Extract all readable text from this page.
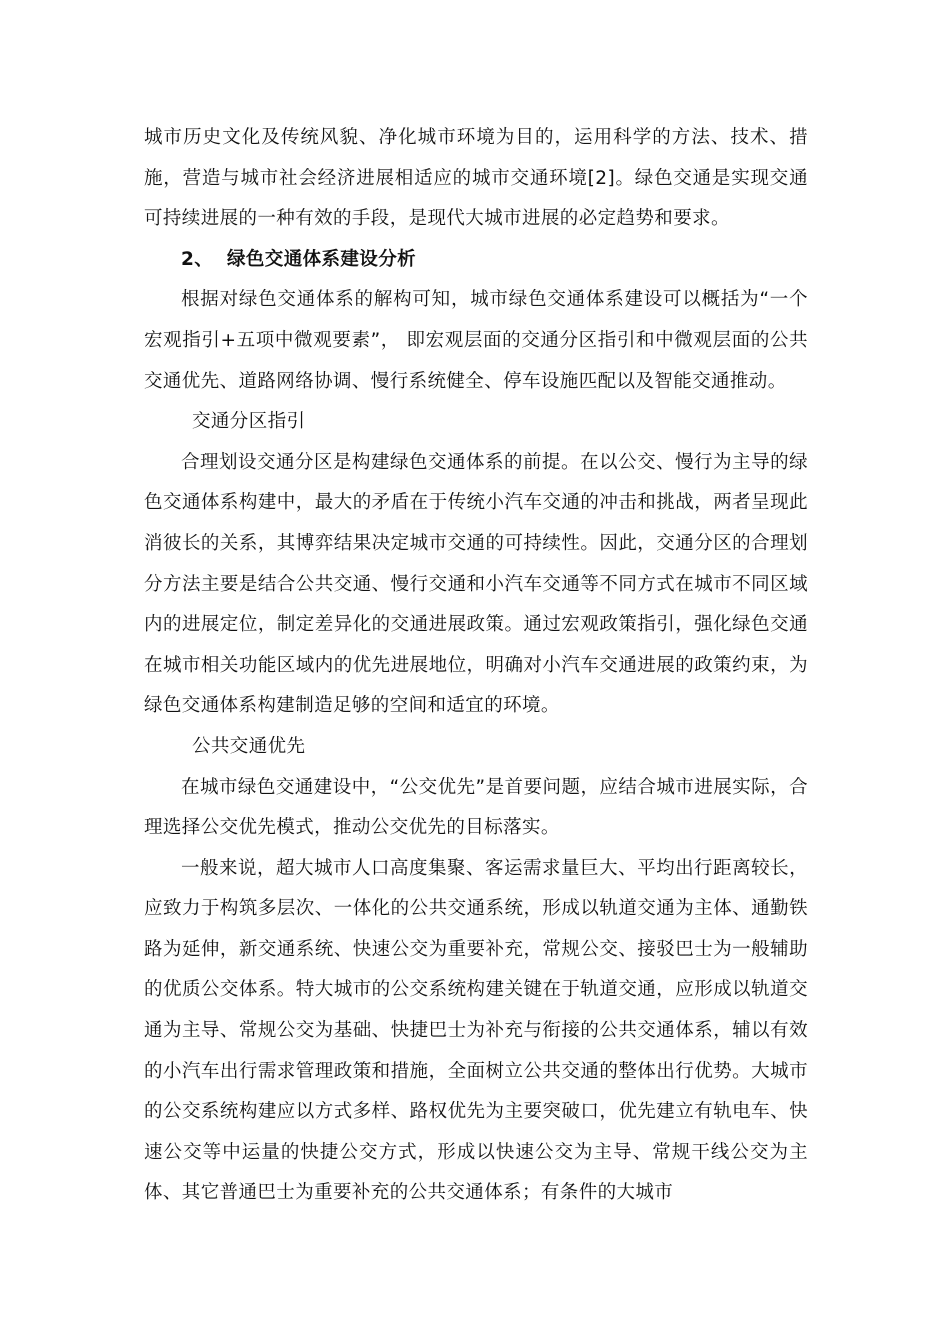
城市历史文化及传统风貌、净化城市环境为目的，运用科学的方法、技术、措施，营造与城市社会经济进展相适应的城市交通环境[2]。绿色交通是实现交通可持续进展的一种有效的手段，是现代大城市进展的必定趋势和要求。

2、 绿色交通体系建设分析

根据对绿色交通体系的解构可知，城市绿色交通体系建设可以概括为“一个宏观指引+五项中微观要素”， 即宏观层面的交通分区指引和中微观层面的公共交通优先、道路网络协调、慢行系统健全、停车设施匹配以及智能交通推动。

交通分区指引

合理划设交通分区是构建绿色交通体系的前提。在以公交、慢行为主导的绿色交通体系构建中，最大的矛盾在于传统小汽车交通的冲击和挑战，两者呈现此消彼长的关系，其博弈结果决定城市交通的可持续性。因此，交通分区的合理划分方法主要是结合公共交通、慢行交通和小汽车交通等不同方式在城市不同区域内的进展定位，制定差异化的交通进展政策。通过宏观政策指引，强化绿色交通在城市相关功能区域内的优先进展地位，明确对小汽车交通进展的政策约束，为绿色交通体系构建制造足够的空间和适宜的环境。

公共交通优先

在城市绿色交通建设中，“公交优先”是首要问题，应结合城市进展实际，合理选择公交优先模式，推动公交优先的目标落实。

一般来说，超大城市人口高度集聚、客运需求量巨大、平均出行距离较长，应致力于构筑多层次、一体化的公共交通系统，形成以轨道交通为主体、通勤铁路为延伸，新交通系统、快速公交为重要补充，常规公交、接驳巴士为一般辅助的优质公交体系。特大城市的公交系统构建关键在于轨道交通，应形成以轨道交通为主导、常规公交为基础、快捷巴士为补充与衔接的公共交通体系，辅以有效的小汽车出行需求管理政策和措施，全面树立公共交通的整体出行优势。大城市的公交系统构建应以方式多样、路权优先为主要突破口，优先建立有轨电车、快速公交等中运量的快捷公交方式，形成以快速公交为主导、常规干线公交为主体、其它普通巴士为重要补充的公共交通体系；有条件的大城市
